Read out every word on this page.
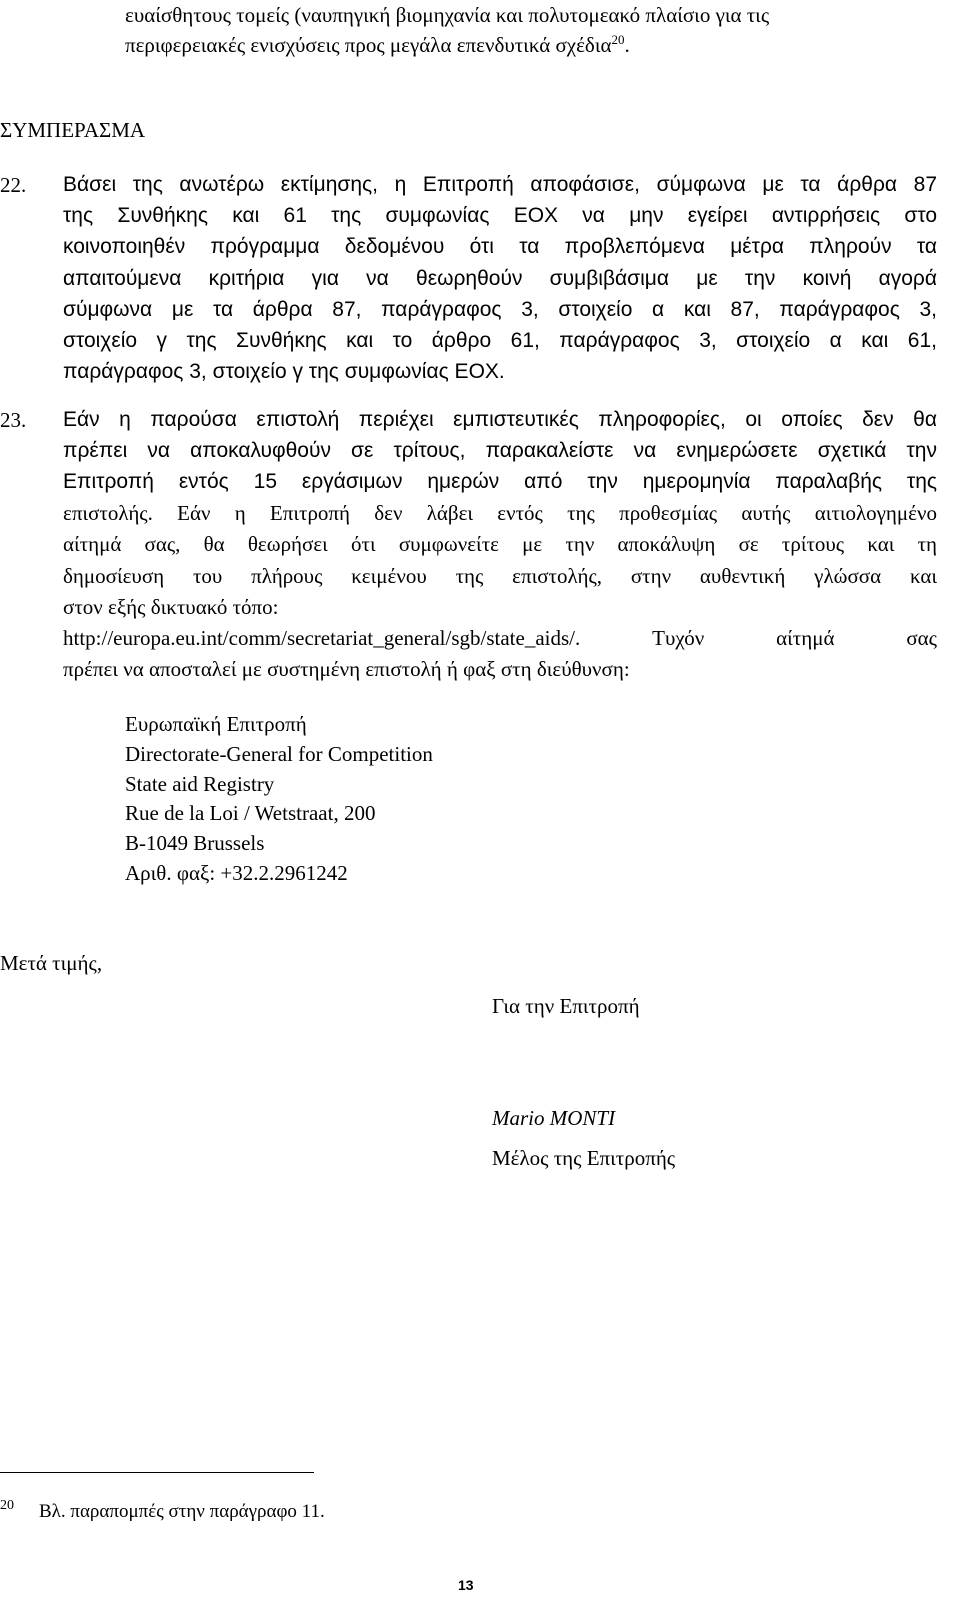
ευαίσθητους τομείς (ναυπηγική βιομηχανία και πολυτομεακό πλαίσιο για τις
περιφερειακές ενισχύσεις προς μεγάλα επενδυτικά σχέδια$^{20}$.
ΣΥΜΠΕΡΑΣΜΑ
22. Βάσει της ανωτέρω εκτίμησης, η Επιτροπή αποφάσισε, σύμφωνα με τα άρθρα 87
της Συνθήκης και 61 της συμφωνίας ΕΟΧ να μην εγείρει αντιρρήσεις στο
κοινοποιηθέν πρόγραμμα δεδομένου ότι τα προβλεπόμενα μέτρα πληρούν τα
απαιτούμενα κριτήρια για να θεωρηθούν συμβιβάσιμα με την κοινή αγορά
σύμφωνα με τα άρθρα 87, παράγραφος 3, στοιχείο α και 87, παράγραφος 3,
στοιχείο γ της Συνθήκης και το άρθρο 61, παράγραφος 3, στοιχείο α και 61,
παράγραφος 3, στοιχείο γ της συμφωνίας ΕΟΧ.
23. Εάν η παρούσα επιστολή περιέχει εμπιστευτικές πληροφορίες, οι οποίες δεν θα
πρέπει να αποκαλυφθούν σε τρίτους, παρακαλείστε να ενημερώσετε σχετικά την
Επιτροπή εντός 15 εργάσιμων ημερών από την ημερομηνία παραλαβής της
επιστολής. Εάν η Επιτροπή δεν λάβει εντός της προθεσμίας αυτής αιτιολογημένο
αίτημά σας, θα θεωρήσει ότι συμφωνείτε με την αποκάλυψη σε τρίτους και τη
δημοσίευση του πλήρους κειμένου της επιστολής, στην αυθεντική γλώσσα και
στον εξής δικτυακό τόπο:
http://europa.eu.int/comm/secretariat_general/sgb/state_aids/. Τυχόν αίτημά σας
πρέπει να αποσταλεί με συστημένη επιστολή ή φαξ στη διεύθυνση:
Ευρωπαϊκή Επιτροπή
Directorate-General for Competition
State aid Registry
Rue de la Loi / Wetstraat, 200
B-1049 Brussels
Αριθ. φαξ: +32.2.2961242
Μετά τιμής,
Για την Επιτροπή
Mario MONTI
Μέλος της Επιτροπής
20 Βλ. παραπομπές στην παράγραφο 11.
13
